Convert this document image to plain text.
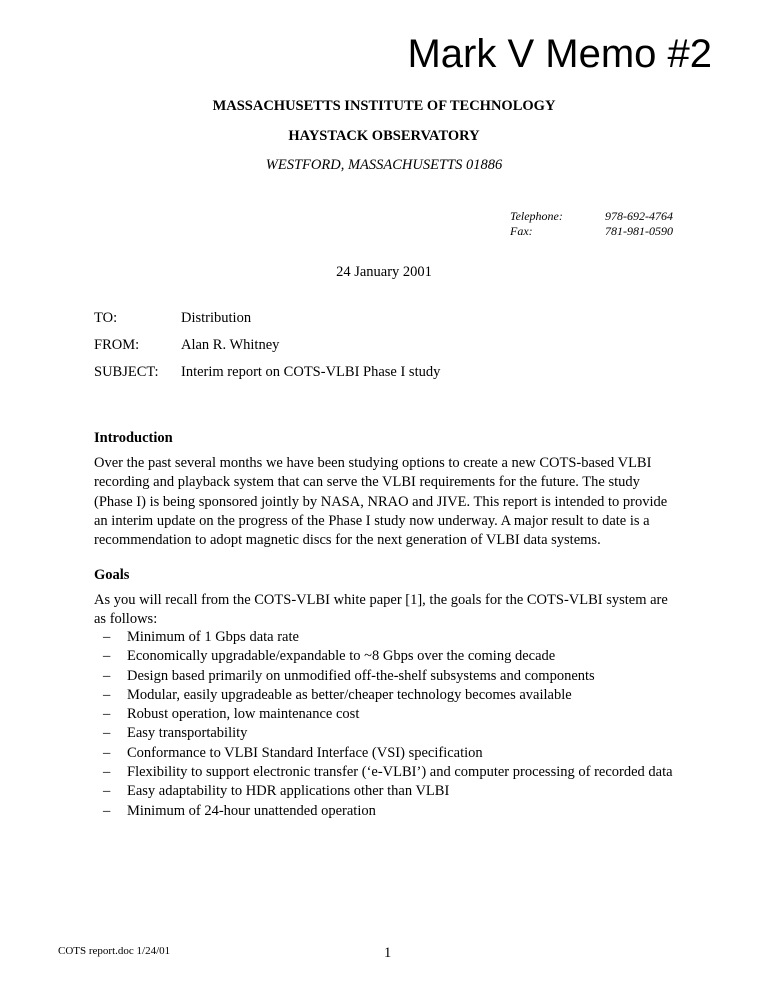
Mark V Memo #2
MASSACHUSETTS INSTITUTE OF TECHNOLOGY
HAYSTACK OBSERVATORY
WESTFORD, MASSACHUSETTS 01886
Telephone:	978-692-4764
Fax:	781-981-0590
24 January 2001
TO:	Distribution
FROM:	Alan R. Whitney
SUBJECT:	Interim report on COTS-VLBI Phase I study
Introduction

Over the past several months we have been studying options to create a new COTS-based VLBI recording and playback system that can serve the VLBI requirements for the future. The study (Phase I) is being sponsored jointly by NASA, NRAO and JIVE. This report is intended to provide an interim update on the progress of the Phase I study now underway. A major result to date is a recommendation to adopt magnetic discs for the next generation of VLBI data systems.

Goals

As you will recall from the COTS-VLBI white paper [1], the goals for the COTS-VLBI system are as follows:

– Minimum of 1 Gbps data rate
– Economically upgradable/expandable to ~8 Gbps over the coming decade
– Design based primarily on unmodified off-the-shelf subsystems and components
– Modular, easily upgradeable as better/cheaper technology becomes available
– Robust operation, low maintenance cost
– Easy transportability
– Conformance to VLBI Standard Interface (VSI) specification
– Flexibility to support electronic transfer (‘e-VLBI’) and computer processing of recorded data
– Easy adaptability to HDR applications other than VLBI
– Minimum of 24-hour unattended operation
COTS report.doc 1/24/01	1
